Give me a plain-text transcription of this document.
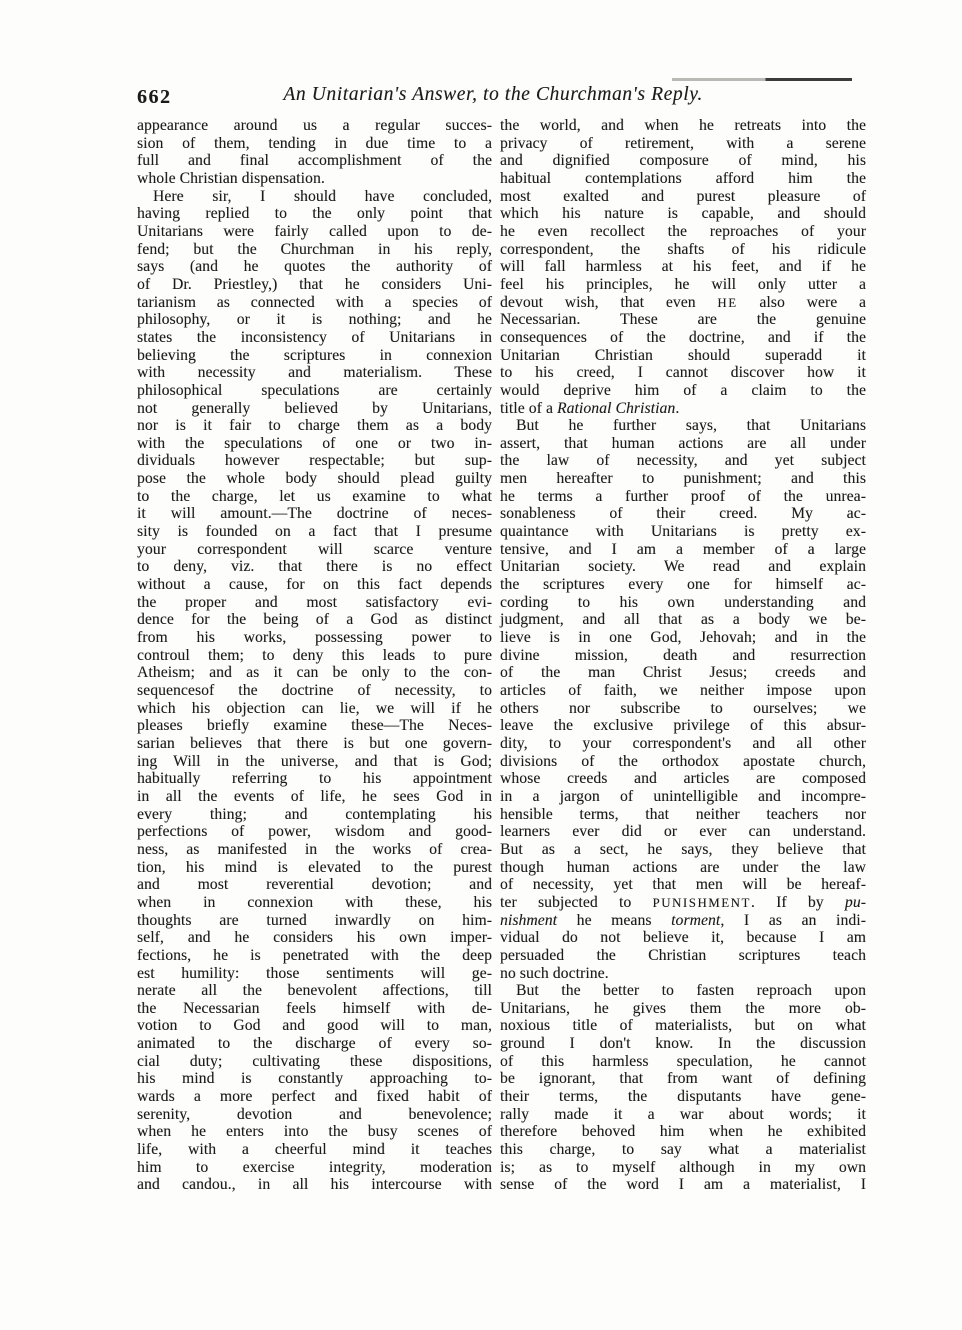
662	An Unitarian's Answer, to the Churchman's Reply.
appearance around us a regular succes-
sion of them, tending in due time to a
full and final accomplishment of the
whole Christian dispensation.
Here sir, I should have concluded,
having replied to the only point that
Unitarians were fairly called upon to de-
fend; but the Churchman in his reply,
says (and he quotes the authority of
of Dr. Priestley,) that he considers Uni-
tarianism as connected with a species of
philosophy, or it is nothing; and he
states the inconsistency of Unitarians in
believing the scriptures in connexion
with necessity and materialism. These
philosophical speculations are certainly
not generally believed by Unitarians,
nor is it fair to charge them as a body
with the speculations of one or two in-
dividuals however respectable; but sup-
pose the whole body should plead guilty
to the charge, let us examine to what
it will amount.—The doctrine of neces-
sity is founded on a fact that I presume
your correspondent will scarce venture
to deny, viz. that there is no effect
without a cause, for on this fact depends
the proper and most satisfactory evi-
dence for the being of a God as distinct
from his works, possessing power to
controul them; to deny this leads to pure
Atheism; and as it can be only to the con-
sequencesof the doctrine of necessity, to
which his objection can lie, we will if he
pleases briefly examine these—The Neces-
sarian believes that there is but one govern-
ing Will in the universe, and that is God;
habitually referring to his appointment
in all the events of life, he sees God in
every thing; and contemplating his
perfections of power, wisdom and good-
ness, as manifested in the works of crea-
tion, his mind is elevated to the purest
and most reverential devotion; and
when in connexion with these, his
thoughts are turned inwardly on him-
self, and he considers his own imper-
fections, he is penetrated with the deep
est humility: those sentiments will ge-
nerate all the benevolent affections, till
the Necessarian feels himself with de-
votion to God and good will to man,
animated to the discharge of every so-
cial duty; cultivating these dispositions,
his mind is constantly approaching to-
wards a more perfect and fixed habit of
serenity, devotion and benevolence;
when he enters into the busy scenes of
life, with a cheerful mind it teaches
him to exercise integrity, moderation
and candou., in all his intercourse with
the world, and when he retreats into the
privacy of retirement, with a serene
and dignified composure of mind, his
habitual contemplations afford him the
most exalted and purest pleasure of
which his nature is capable, and should
he even recollect the reproaches of your
correspondent, the shafts of his ridicule
will fall harmless at his feet, and if he
feel his principles, he will only utter a
devout wish, that even HE also were a
Necessarian. These are the genuine
consequences of the doctrine, and if the
Unitarian Christian should superadd it
to his creed, I cannot discover how it
would deprive him of a claim to the
title of a Rational Christian.
But he further says, that Unitarians
assert, that human actions are all under
the law of necessity, and yet subject
men hereafter to punishment; and this
he terms a further proof of the unrea-
sonableness of their creed. My ac-
quaintance with Unitarians is pretty ex-
tensive, and I am a member of a large
Unitarian society. We read and explain
the scriptures every one for himself ac-
cording to his own understanding and
judgment, and all that as a body we be-
lieve is in one God, Jehovah; and in the
divine mission, death and resurrection
of the man Christ Jesus; creeds and
articles of faith, we neither impose upon
others nor subscribe to ourselves; we
leave the exclusive privilege of this absur-
dity, to your correspondent's and all other
divisions of the orthodox apostate church,
whose creeds and articles are composed
in a jargon of unintelligible and incompre-
hensible terms, that neither teachers nor
learners ever did or ever can understand.
But as a sect, he says, they believe that
though human actions are under the law
of necessity, yet that men will be hereaf-
ter subjected to PUNISHMENT. If by pu-
nishment he means torment, I as an indi-
vidual do not believe it, because I am
persuaded the Christian scriptures teach
no such doctrine.
But the better to fasten reproach upon
Unitarians, he gives them the more ob-
noxious title of materialists, but on what
ground I don't know. In the discussion
of this harmless speculation, he cannot
be ignorant, that from want of defining
their terms, the disputants have gene-
rally made it a war about words; it
therefore behoved him when he exhibited
this charge, to say what a materialist
is; as to myself although in my own
sense of the word I am a materialist, I
